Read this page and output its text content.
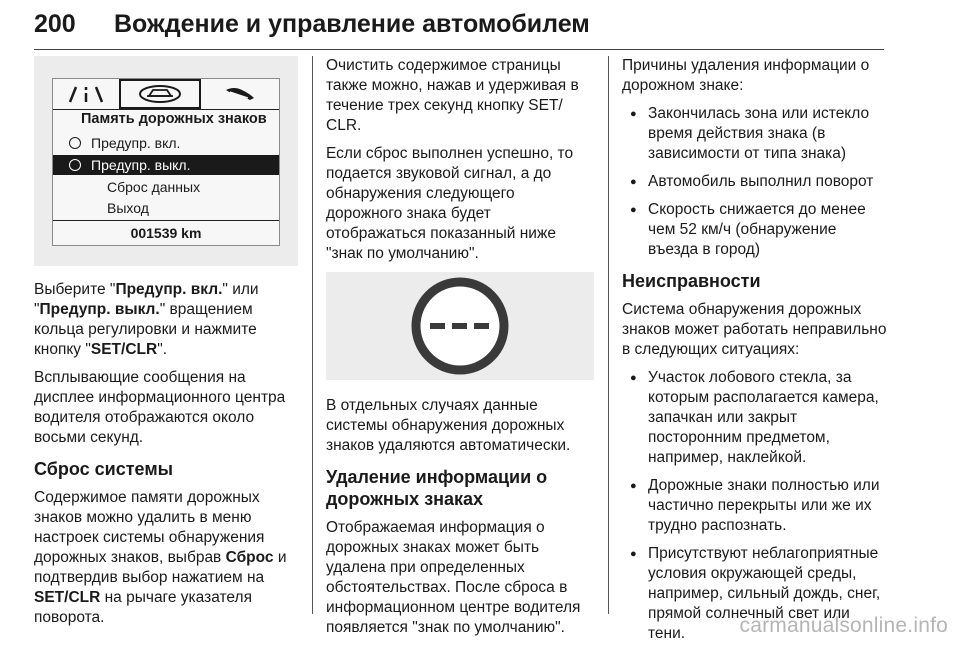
200 Вождение и управление автомобилем
Память дорожных знаков
Предупр. вкл.
Предупр. выкл.
Сброс данных
Выход
001539 km

Выберите "Предупр. вкл." или "Предупр. выкл." вращением кольца регулировки и нажмите кнопку "SET/CLR".

Всплывающие сообщения на дисплее информационного центра водителя отображаются около восьми секунд.

Сброс системы

Содержимое памяти дорожных знаков можно удалить в меню настроек системы обнаружения дорожных знаков, выбрав Сброс и подтвердив выбор нажатием на SET/CLR на рычаге указателя поворота.

Очистить содержимое страницы также можно, нажав и удерживая в течение трех секунд кнопку SET/ CLR.

Если сброс выполнен успешно, то подается звуковой сигнал, а до обнаружения следующего дорожного знака будет отображаться показанный ниже "знак по умолчанию".

В отдельных случаях данные системы обнаружения дорожных знаков удаляются автоматически.

Удаление информации о дорожных знаках

Отображаемая информация о дорожных знаках может быть удалена при определенных обстоятельствах. После сброса в информационном центре водителя появляется "знак по умолчанию".

Причины удаления информации о дорожном знаке:

● Закончилась зона или истекло время действия знака (в зависимости от типа знака)
● Автомобиль выполнил поворот
● Скорость снижается до менее чем 52 км/ч (обнаружение въезда в город)
Неисправности

Система обнаружения дорожных знаков может работать неправильно в следующих ситуациях:

● Участок лобового стекла, за которым располагается камера, запачкан или закрыт посторонним предметом, например, наклейкой.
● Дорожные знаки полностью или частично перекрыты или же их трудно распознать.
● Присутствуют неблагоприятные условия окружающей среды, например, сильный дождь, снег, прямой солнечный свет или тени.	carmanualsonline.info
